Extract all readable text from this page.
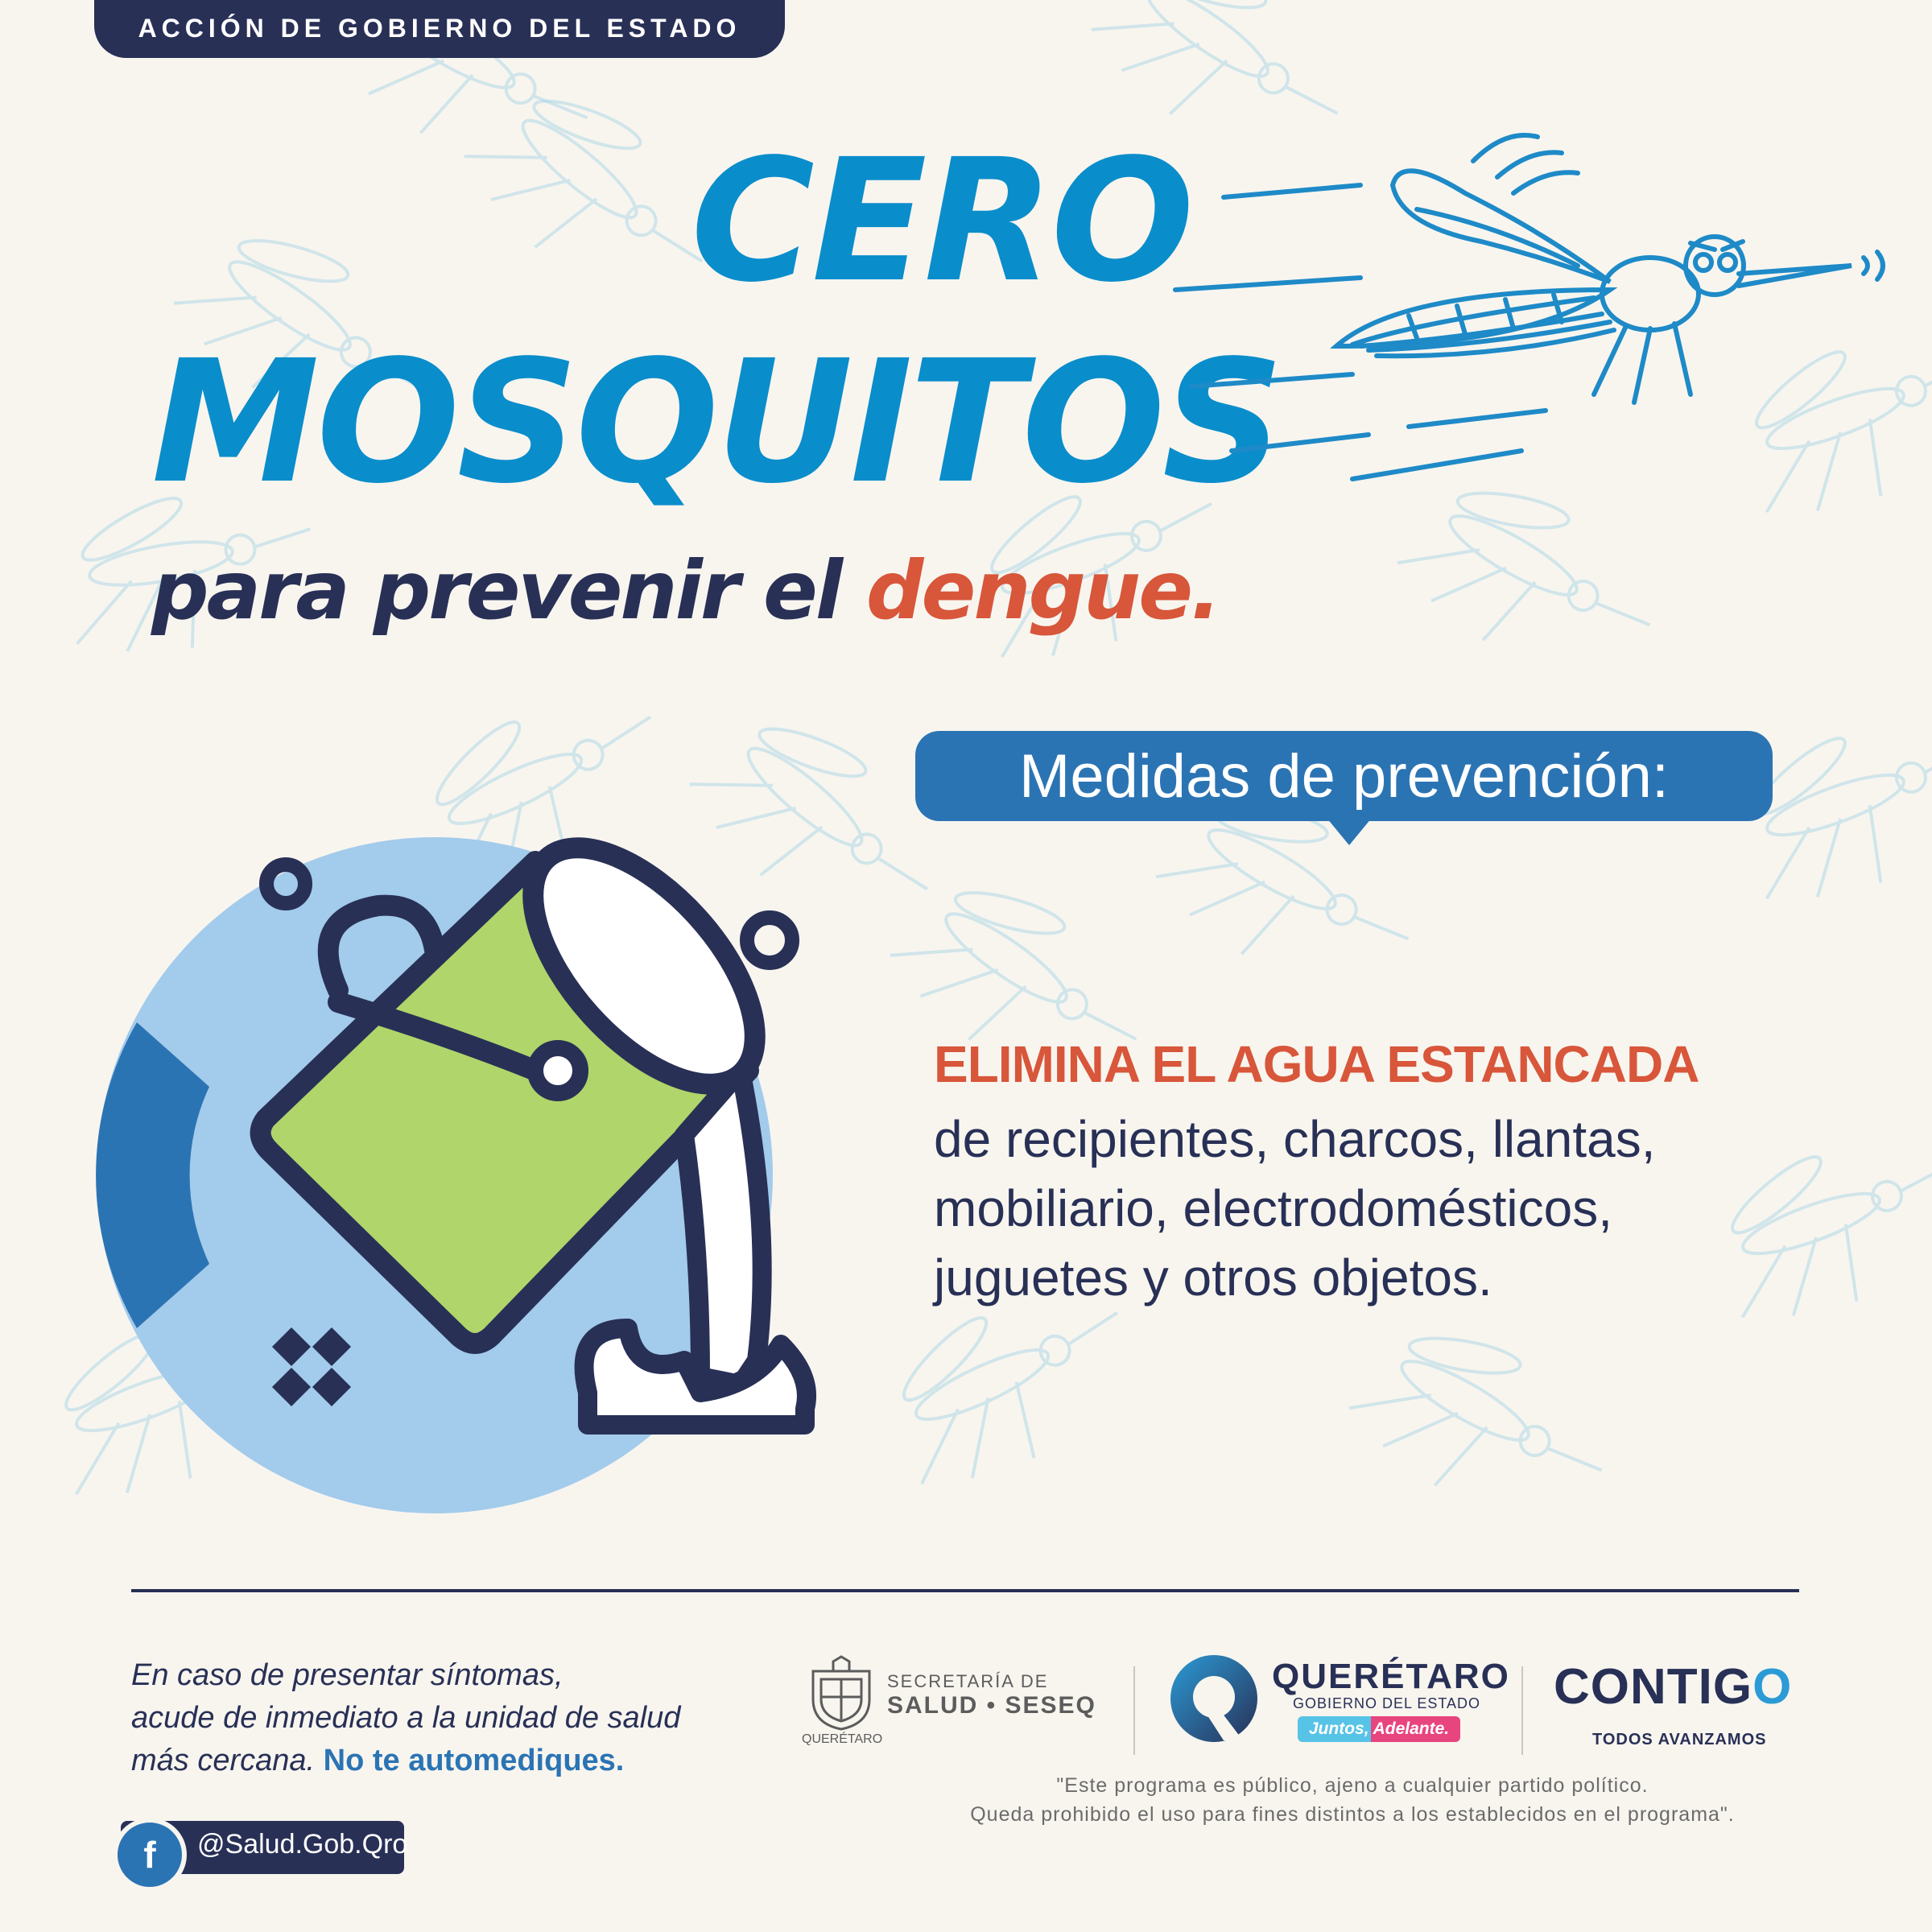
ACCIÓN DE GOBIERNO DEL ESTADO
CERO
MOSQUITOS
para prevenir el dengue.
Medidas de prevención:
ELIMINA EL AGUA ESTANCADA
de recipientes, charcos, llantas,
mobiliario, electrodomésticos,
juguetes y otros objetos.
En caso de presentar síntomas,
acude de inmediato a la unidad de salud
más cercana. No te automediques.
f @Salud.Gob.Qro
QUERÉTARO
SECRETARÍA DE
SALUD • SESEQ
QUERÉTARO
GOBIERNO DEL ESTADO
Juntos, Adelante.
CONTIGO
TODOS AVANZAMOS
"Este programa es público, ajeno a cualquier partido político.
Queda prohibido el uso para fines distintos a los establecidos en el programa".
